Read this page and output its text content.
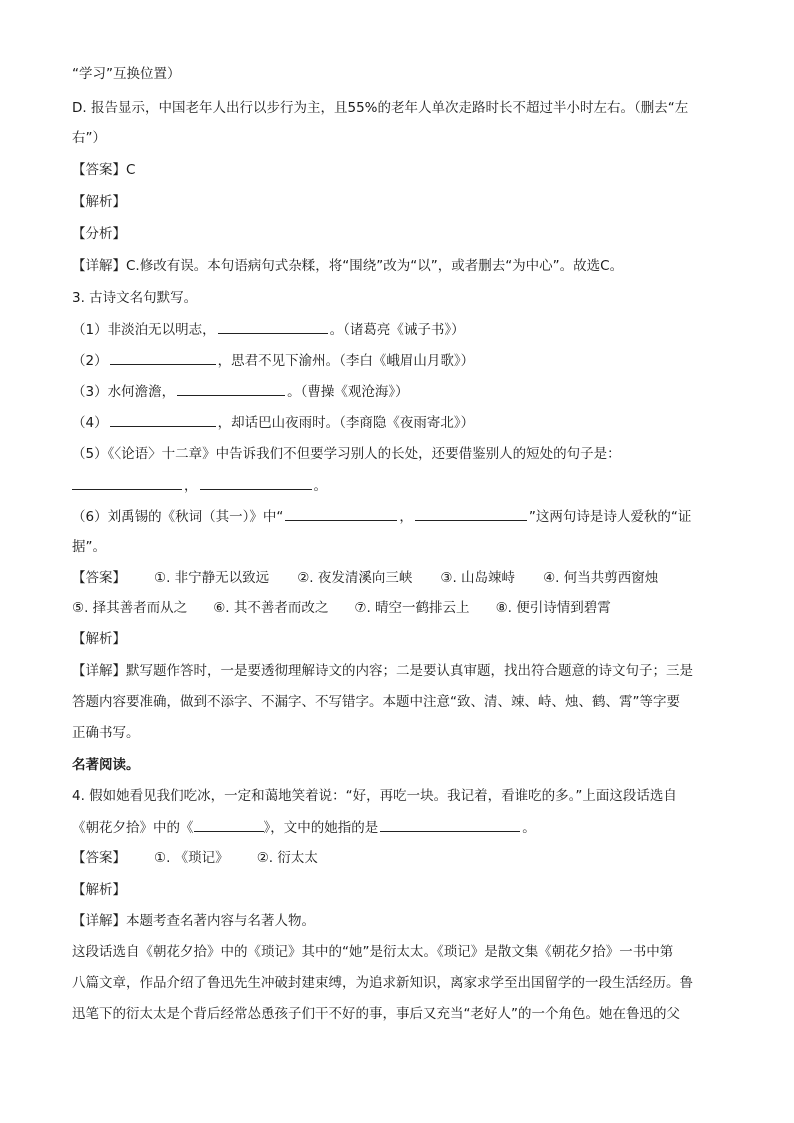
“学习”互换位置）
D. 报告显示，中国老年人出行以步行为主，且55%的老年人单次走路时长不超过半小时左右。（删去“左
右”）
【答案】C
【解析】
【分析】
【详解】C.修改有误。本句语病句式杂糅，将“围绕”改为“以”，或者删去“为中心”。故选C。
3. 古诗文名句默写。
（1）非淡泊无以明志，	。（诸葛亮《诫子书》）
（2）	，思君不见下渝州。（李白《峨眉山月歌》）
（3）水何澹澹，	。（曹操《观沧海》）
（4）	，却话巴山夜雨时。（李商隐《夜雨寄北》）
（5）《〈论语〉十二章》中告诉我们不但要学习别人的长处，还要借鉴别人的短处的句子是：
，	。
（6）刘禹锡的《秋词（其一）》中“	，	”这两句诗是诗人爱秋的“证
据”。
【答案】 ①. 非宁静无以致远 ②. 夜发清溪向三峡 ③. 山岛竦峙 ④. 何当共剪西窗烛
⑤. 择其善者而从之 ⑥. 其不善者而改之 ⑦. 晴空一鹤排云上 ⑧. 便引诗情到碧霄
【解析】
【详解】默写题作答时，一是要透彻理解诗文的内容；二是要认真审题，找出符合题意的诗文句子；三是
答题内容要准确，做到不添字、不漏字、不写错字。本题中注意“致、清、竦、峙、烛、鹤、霄”等字要
正确书写。
名著阅读。
4. 假如她看见我们吃冰，一定和蔼地笑着说：“好，再吃一块。我记着，看谁吃的多。”上面这段话选自
《朝花夕拾》中的《	》，文中的她指的是	。
【答案】 ①. 《琐记》 ②. 衍太太
【解析】
【详解】本题考查名著内容与名著人物。
这段话选自《朝花夕拾》中的《琐记》其中的“她”是衍太太。《琐记》是散文集《朝花夕拾》一书中第
八篇文章，作品介绍了鲁迅先生冲破封建束缚，为追求新知识，离家求学至出国留学的一段生活经历。鲁
迅笔下的衍太太是个背后经常怂恿孩子们干不好的事，事后又充当“老好人”的一个角色。她在鲁迅的父
